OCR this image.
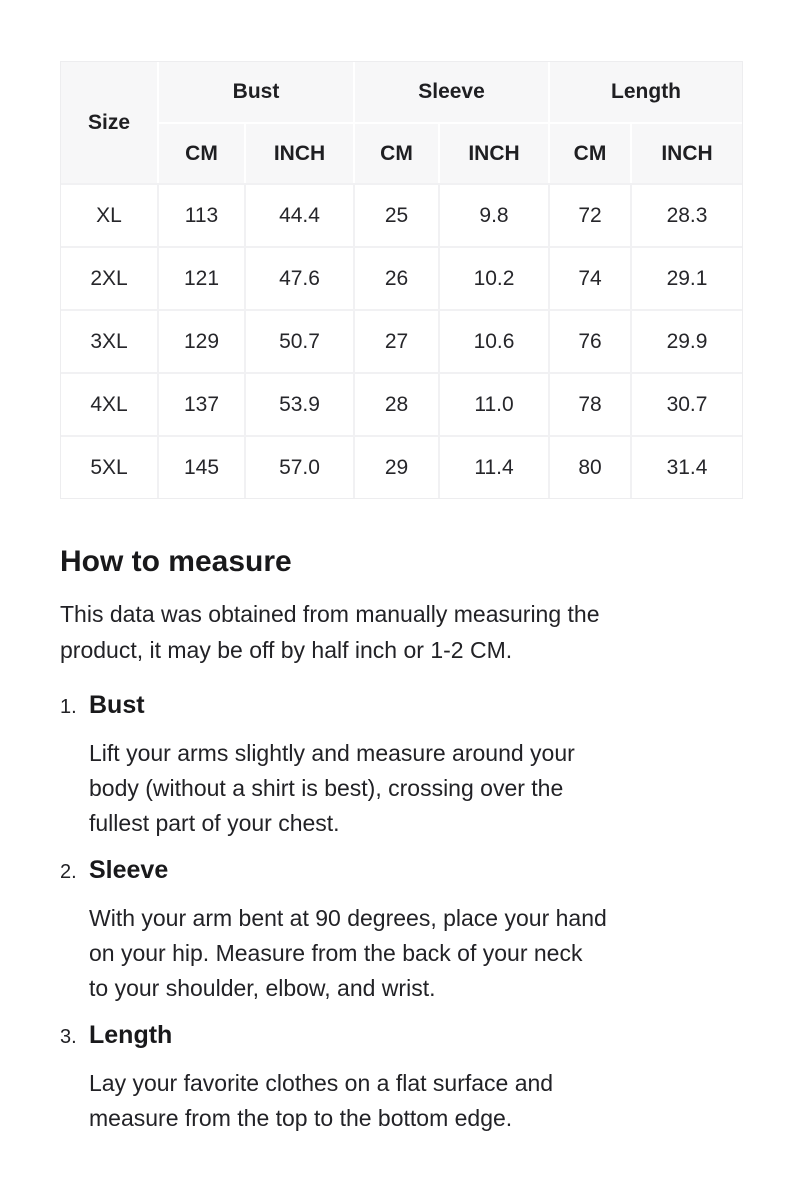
Size	Bust		Sleeve		Length	
	CM	INCH	CM	INCH	CM	INCH
XL	113	44.4	25	9.8	72	28.3
2XL	121	47.6	26	10.2	74	29.1
3XL	129	50.7	27	10.6	76	29.9
4XL	137	53.9	28	11.0	78	30.7
5XL	145	57.0	29	11.4	80	31.4
How to measure
This data was obtained from manually measuring the
product, it may be off by half inch or 1-2 CM.
1. Bust
Lift your arms slightly and measure around your
body (without a shirt is best), crossing over the
fullest part of your chest.
2. Sleeve
With your arm bent at 90 degrees, place your hand
on your hip. Measure from the back of your neck
to your shoulder, elbow, and wrist.
3. Length
Lay your favorite clothes on a flat surface and
measure from the top to the bottom edge.
